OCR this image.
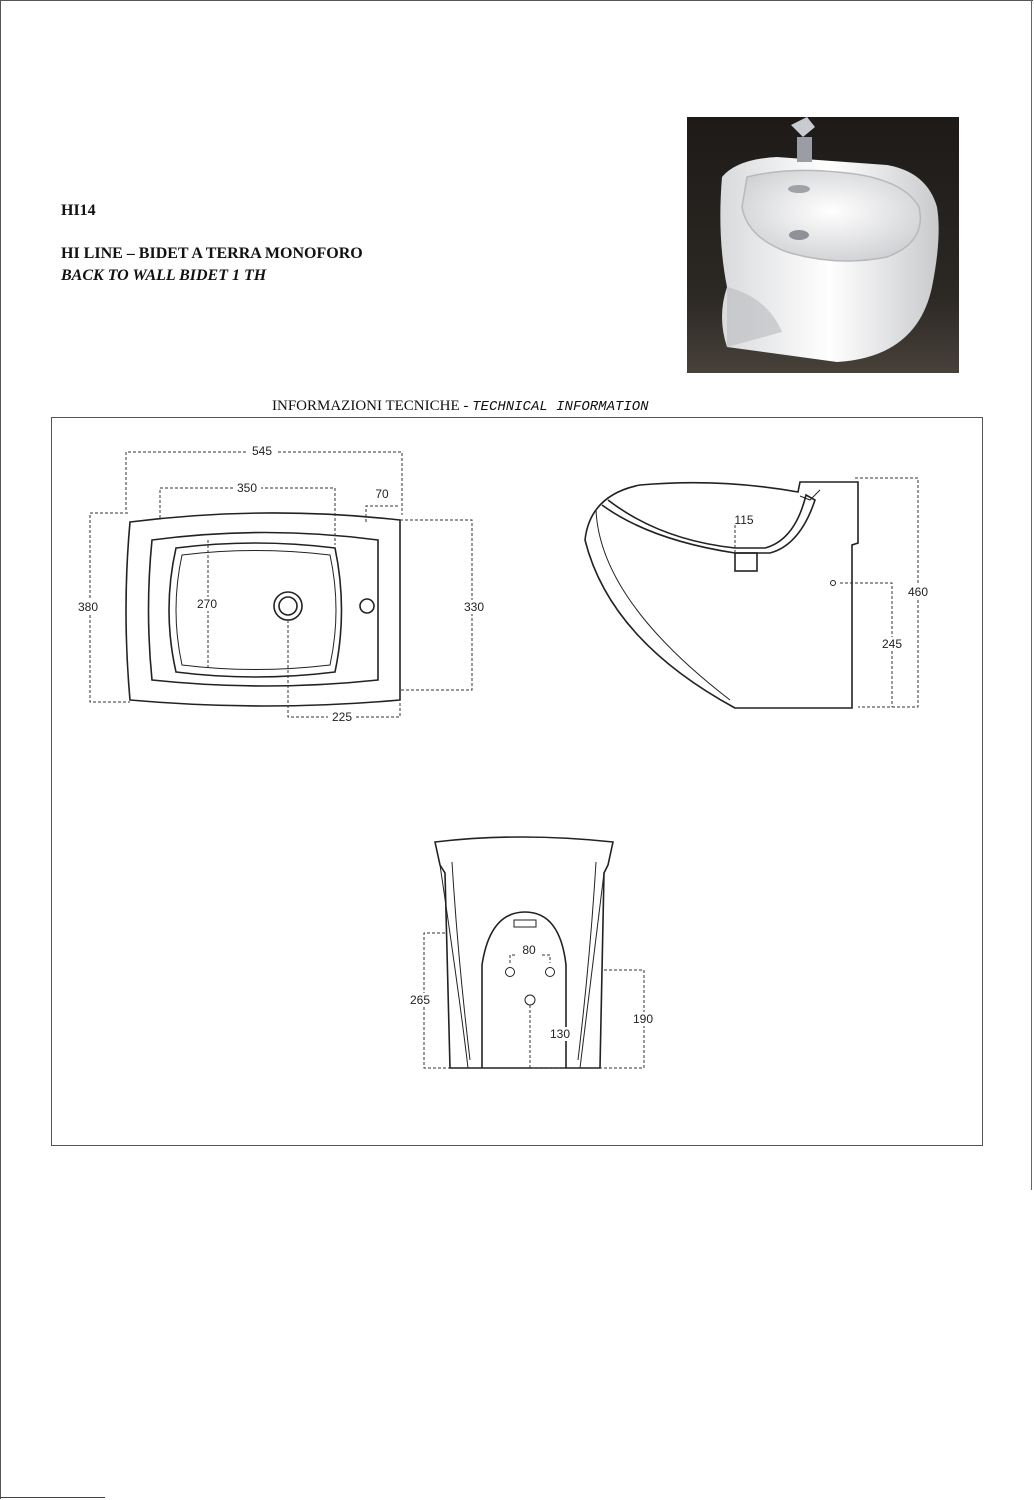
HI14
HI LINE – BIDET A TERRA MONOFORO
BACK TO WALL BIDET 1 TH
INFORMAZIONI TECNICHE - TECHNICAL INFORMATION
545
350	70
380	270	330
225
115
460
245
80
265
130
190
